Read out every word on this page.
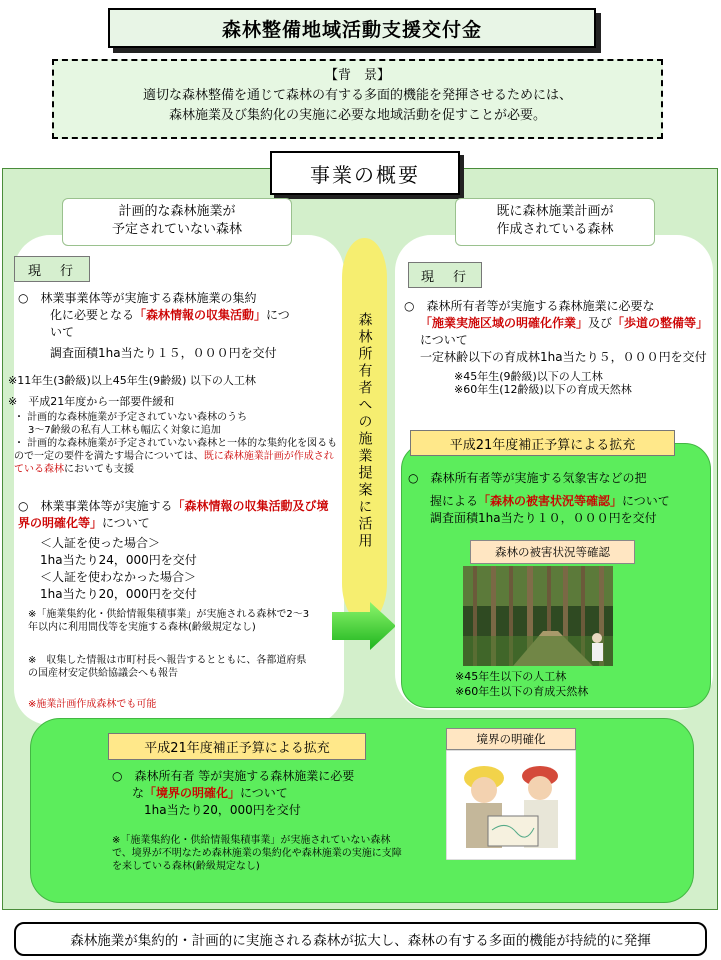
森林整備地域活動支援交付金
【背　景】
適切な森林整備を通じて森林の有する多面的機能を発揮させるためには、
森林施業及び集約化の実施に必要な地域活動を促すことが必要。
事業の概要
計画的な森林施業が
予定されていない森林
現　行
○　林業事業体等が実施する森林施業の集約
化に必要となる「森林情報の収集活動」につ
いて
調査面積1ha当たり１５，０００円を交付
※11年生(3齢級)以上45年生(9齢級) 以下の人工林
※　平成21年度から一部要件緩和
・ 計画的な森林施業が予定されていない森林のうち
3～7齢級の私有人工林も幅広く対象に追加
・ 計画的な森林施業が予定されていない森林と一体的な集約化を図るもので一定の要件を満たす場合については、既に森林施業計画が作成されている森林においても支援
○　林業事業体等が実施する「森林情報の収集活動及び境界の明確化等」について
＜人証を使った場合＞
1ha当たり24，000円を交付
＜人証を使わなかった場合＞
1ha当たり20，000円を交付
※「施業集約化・供給情報集積事業」が実施される森林で2～3年以内に利用間伐等を実施する森林(齢級規定なし)
※　収集した情報は市町村長へ報告するとともに、各都道府県の国産材安定供給協議会へも報告
※施業計画作成森林でも可能
森林所有者への施業提案に活用
既に森林施業計画が
作成されている森林
現　行
○　森林所有者等が実施する森林施業に必要な
「施業実施区域の明確化作業」及び「歩道の整備等」について
一定林齢以下の育成林1ha当たり５，０００円を交付
※45年生(9齢級)以下の人工林
※60年生(12齢級)以下の育成天然林
平成21年度補正予算による拡充
○　森林所有者等が実施する気象害などの把
握による「森林の被害状況等確認」について
調査面積1ha当たり１０，０００円を交付
森林の被害状況等確認
※45年生以下の人工林
※60年生以下の育成天然林
平成21年度補正予算による拡充
○　森林所有者 等が実施する森林施業に必要
な「境界の明確化」について
1ha当たり20，000円を交付
※「施業集約化・供給情報集積事業」が実施されていない森林で、境界が不明なため森林施業の集約化や森林施業の実施に支障を来している森林(齢級規定なし)
境界の明確化
森林施業が集約的・計画的に実施される森林が拡大し、森林の有する多面的機能が持続的に発揮
